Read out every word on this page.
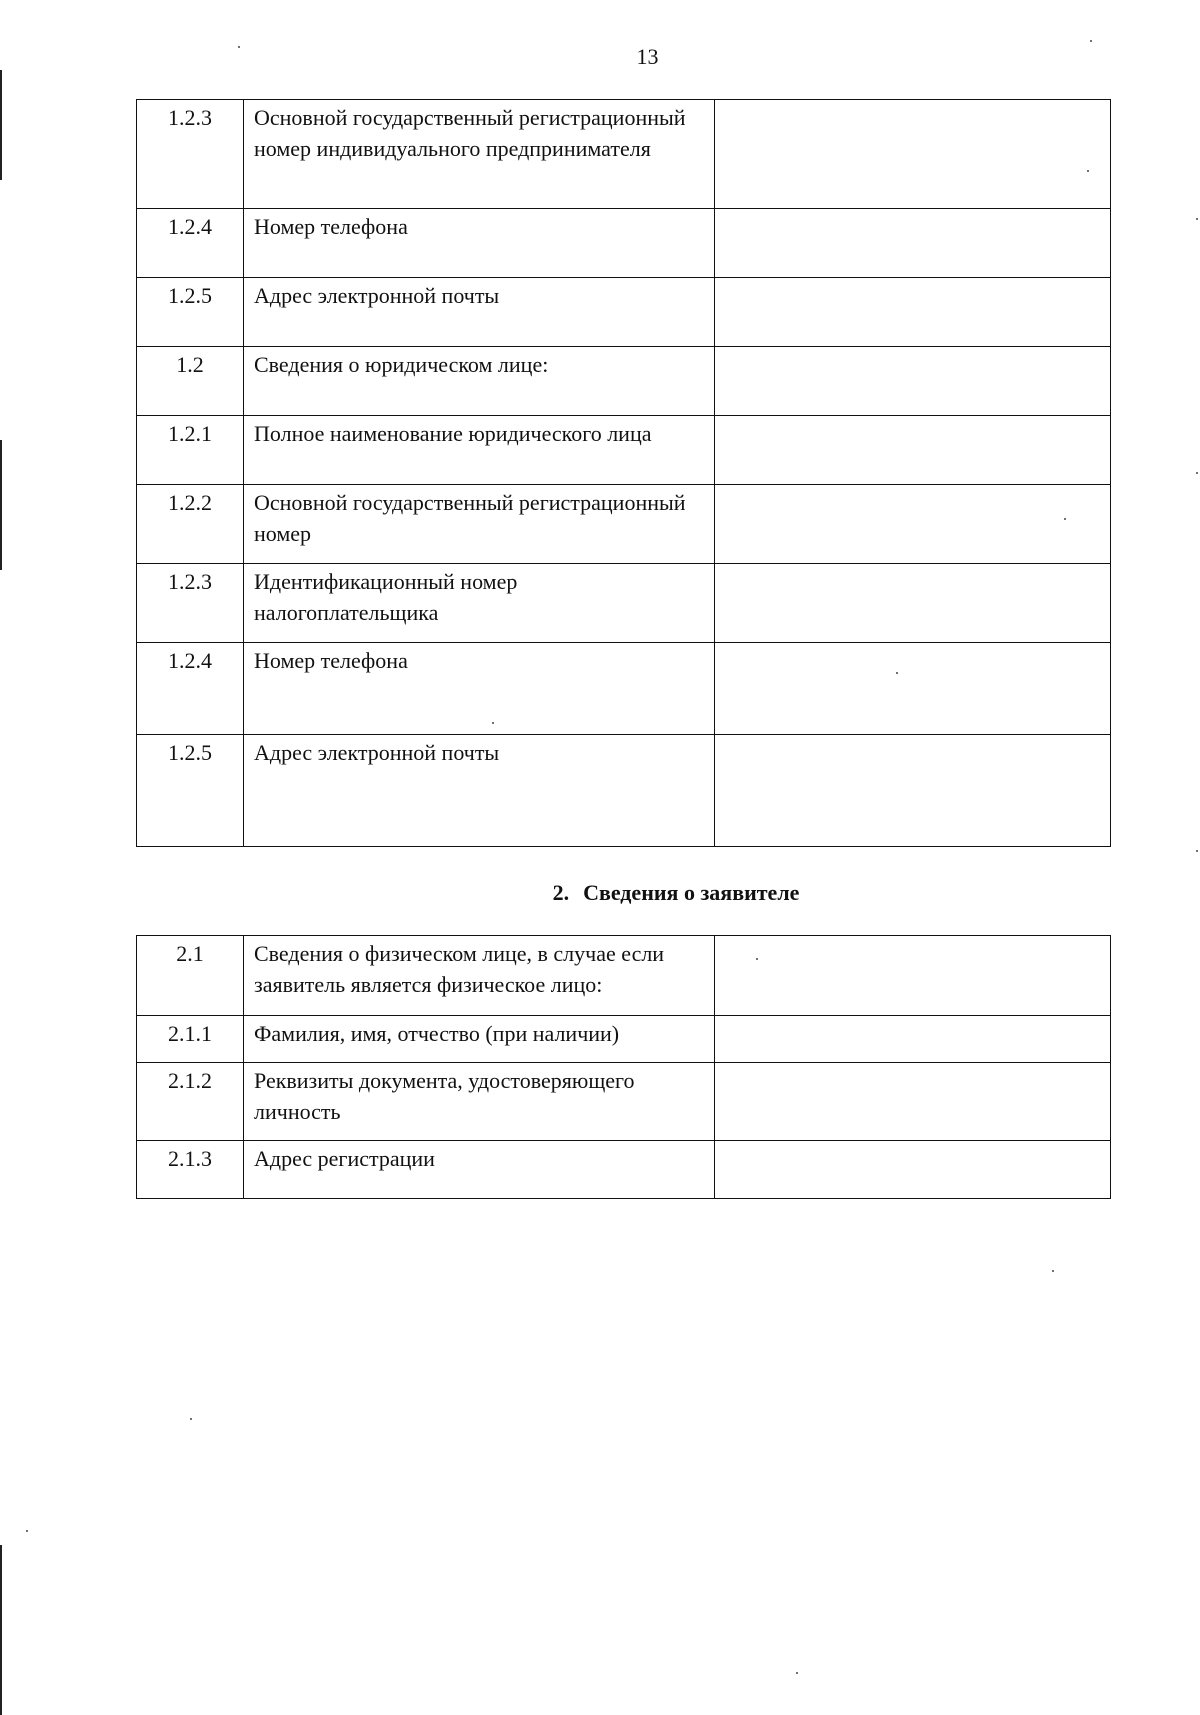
13
1.2.3	Основной государственный регистрационный номер индивидуального предпринимателя	
1.2.4	Номер телефона	
1.2.5	Адрес электронной почты	
1.2	Сведения о юридическом лице:	
1.2.1	Полное наименование юридического лица	
1.2.2	Основной государственный регистрационный номер	
1.2.3	Идентификационный номер налогоплательщика	
1.2.4	Номер телефона	
1.2.5	Адрес электронной почты	
2. Сведения о заявителе
2.1	Сведения о физическом лице, в случае если заявитель является физическое лицо:	
2.1.1	Фамилия, имя, отчество (при наличии)	
2.1.2	Реквизиты документа, удостоверяющего личность	
2.1.3	Адрес регистрации	
